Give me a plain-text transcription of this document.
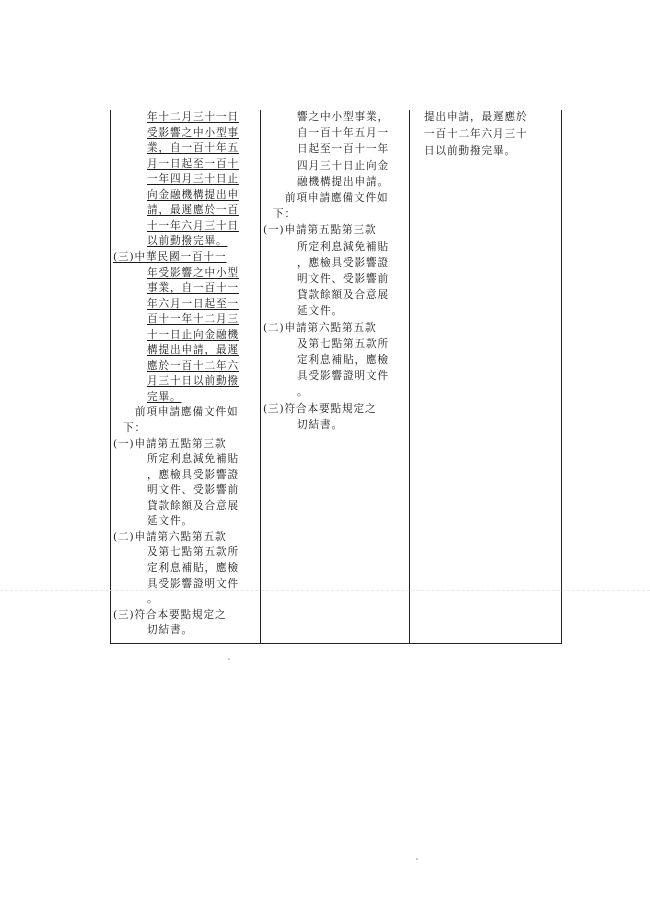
年十二月三十一日
受影響之中小型事
業，自一百十年五
月一日起至一百十
一年四月三十日止
向金融機構提出申
請，最遲應於一百
十一年六月三十日
以前動撥完畢。
(三)中華民國一百十一
年受影響之中小型
事業，自一百十一
年六月一日起至一
百十一年十二月三
十一日止向金融機
構提出申請，最遲
應於一百十二年六
月三十日以前動撥
完畢。
前項申請應備文件如
下：
(一)申請第五點第三款
所定利息減免補貼
，應檢具受影響證
明文件、受影響前
貸款餘額及合意展
延文件。
(二)申請第六點第五款
及第七點第五款所
定利息補貼，應檢
具受影響證明文件
。
(三)符合本要點規定之
切結書。
響之中小型事業，
自一百十年五月一
日起至一百十一年
四月三十日止向金
融機構提出申請。
前項申請應備文件如
下：
(一)申請第五點第三款
所定利息減免補貼
，應檢具受影響證
明文件、受影響前
貸款餘額及合意展
延文件。
(二)申請第六點第五款
及第七點第五款所
定利息補貼，應檢
具受影響證明文件
。
(三)符合本要點規定之
切結書。
提出申請，最遲應於
一百十二年六月三十
日以前動撥完畢。
